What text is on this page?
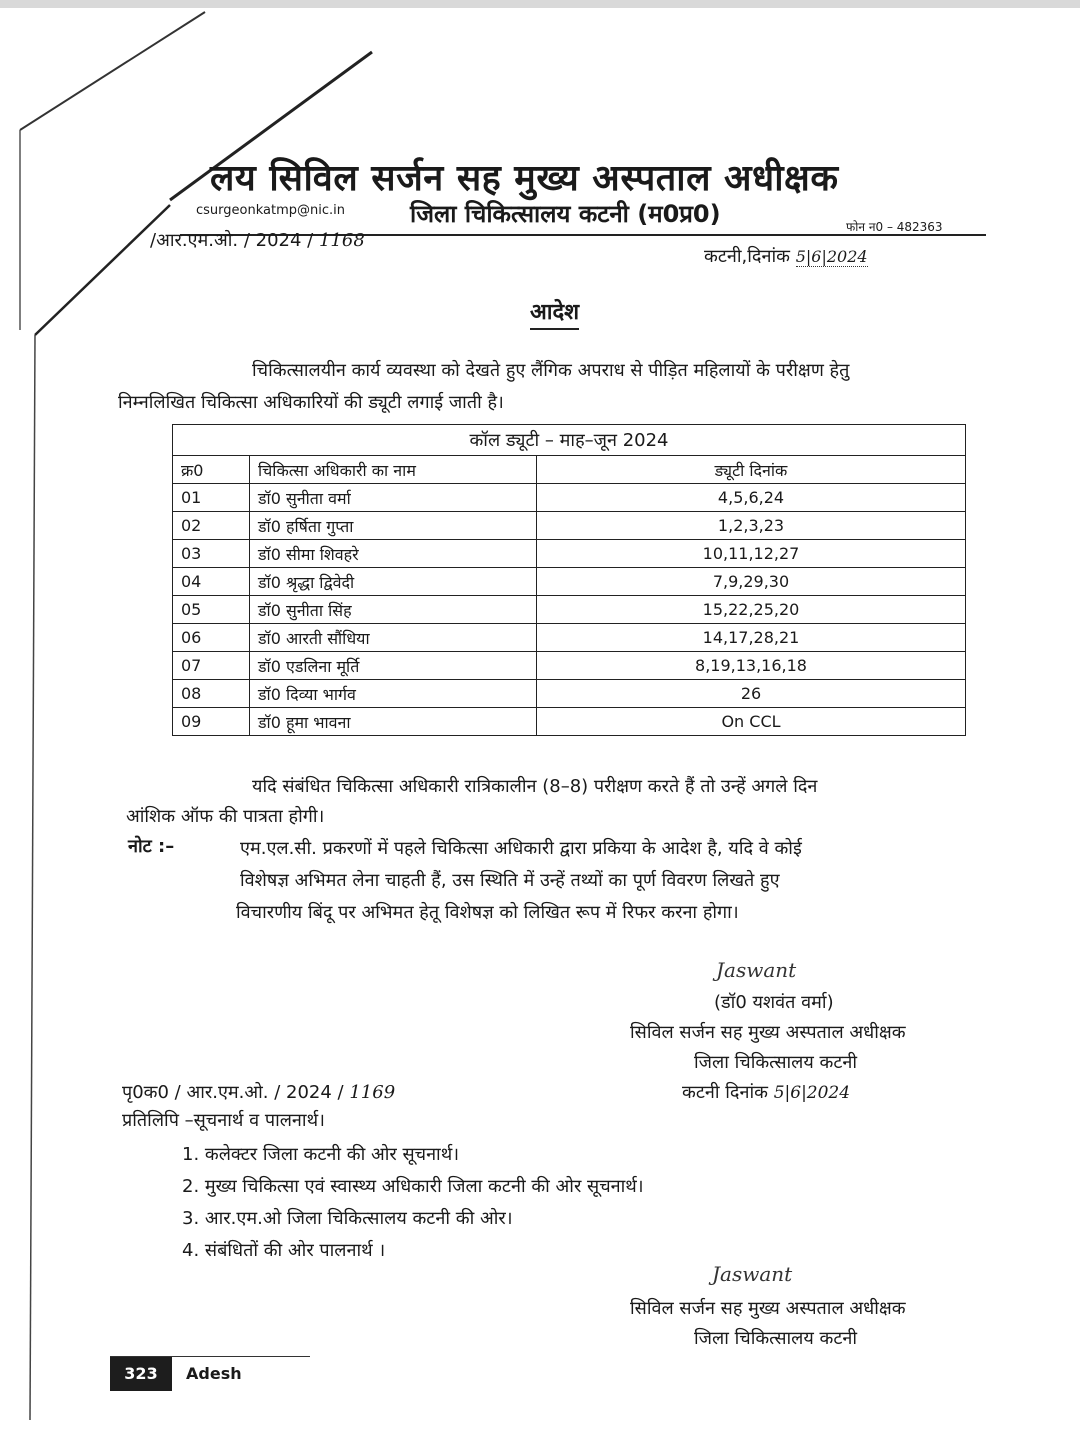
लय सिविल सर्जन सह मुख्य अस्पताल अधीक्षक
csurgeonkatmp@nic.in	जिला चिकित्सालय कटनी (म0प्र0)	फोन न0 – 482363
/आर.एम.ओ. / 2024 / 1168
कटनी,दिनांक 5|6|2024
आदेश
चिकित्सालयीन कार्य व्यवस्था को देखते हुए लैंगिक अपराध से पीड़ित महिलायों के परीक्षण हेतु
निम्नलिखित चिकित्सा अधिकारियों की ड्यूटी लगाई जाती है।
कॉल ड्यूटी – माह–जून 2024		
क्र0	चिकित्सा अधिकारी का नाम	ड्यूटी दिनांक
01	डॉ0 सुनीता वर्मा	4,5,6,24
02	डॉ0 हर्षिता गुप्ता	1,2,3,23
03	डॉ0 सीमा शिवहरे	10,11,12,27
04	डॉ0 श्रृद्धा द्विवेदी	7,9,29,30
05	डॉ0 सुनीता सिंह	15,22,25,20
06	डॉ0 आरती सौंधिया	14,17,28,21
07	डॉ0 एडलिना मूर्ति	8,19,13,16,18
08	डॉ0 दिव्या भार्गव	26
09	डॉ0 हूमा भावना	On CCL
यदि संबंधित चिकित्सा अधिकारी रात्रिकालीन (8–8) परीक्षण करते हैं तो उन्हें अगले दिन
आंशिक ऑफ की पात्रता होगी।
नोट :–	एम.एल.सी. प्रकरणों में पहले चिकित्सा अधिकारी द्वारा प्रकिया के आदेश है, यदि वे कोई
विशेषज्ञ अभिमत लेना चाहती हैं, उस स्थिति में उन्हें तथ्यों का पूर्ण विवरण लिखते हुए
विचारणीय बिंदू पर अभिमत हेतू विशेषज्ञ को लिखित रूप में रिफर करना होगा।
Jaswant
(डॉ0 यशवंत वर्मा)
सिविल सर्जन सह मुख्य अस्पताल अधीक्षक
जिला चिकित्सालय कटनी
कटनी दिनांक 5|6|2024
पृ0क0 / आर.एम.ओ. / 2024 / 1169
प्रतिलिपि –सूचनार्थ व पालनार्थ।
1. कलेक्टर जिला कटनी की ओर सूचनार्थ।
2. मुख्य चिकित्सा एवं स्वास्थ्य अधिकारी जिला कटनी की ओर सूचनार्थ।
3. आर.एम.ओ जिला चिकित्सालय कटनी की ओर।
4. संबंधितों की ओर पालनार्थ ।
Jaswant
सिविल सर्जन सह मुख्य अस्पताल अधीक्षक
जिला चिकित्सालय कटनी
323	Adesh
